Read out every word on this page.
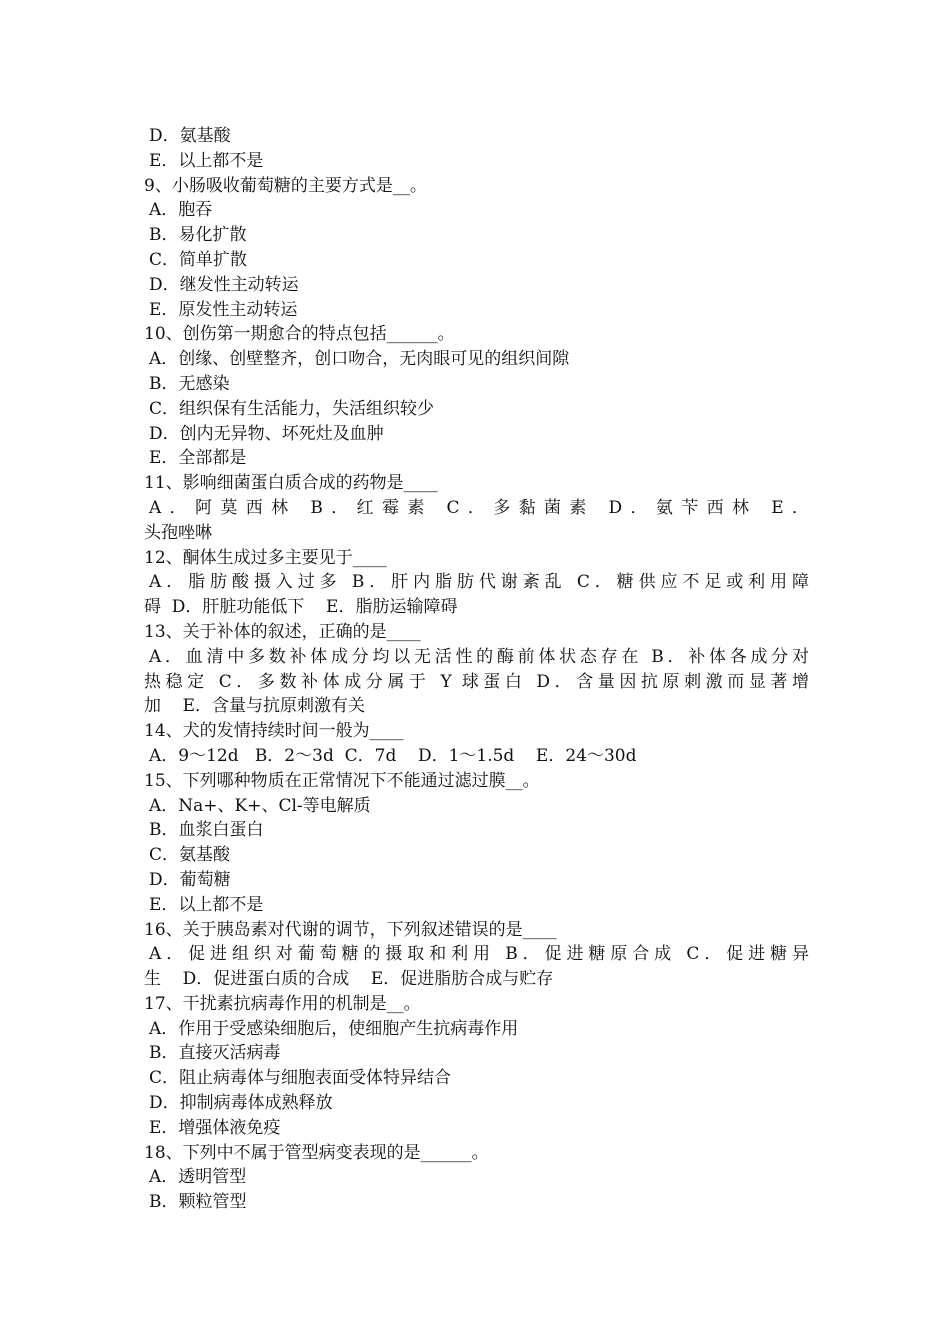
D．氨基酸
E．以上都不是
9、小肠吸收葡萄糖的主要方式是__。
A．胞吞
B．易化扩散
C．简单扩散
D．继发性主动转运
E．原发性主动转运
10、创伤第一期愈合的特点包括______。
A．创缘、创壁整齐，创口吻合，无肉眼可见的组织间隙
B．无感染
C．组织保有生活能力，失活组织较少
D．创内无异物、坏死灶及血肿
E．全部都是
11、影响细菌蛋白质合成的药物是____
A．阿莫西林 B．红霉素 C．多黏菌素 D．氨苄西林 E．
头孢唑啉
12、酮体生成过多主要见于____
A．脂肪酸摄入过多 B．肝内脂肪代谢紊乱 C．糖供应不足或利用障
碍  D．肝脏功能低下    E．脂肪运输障碍
13、关于补体的叙述，正确的是____
A．血清中多数补体成分均以无活性的酶前体状态存在 B．补体各成分对
热稳定 C．多数补体成分属于 Y 球蛋白 D．含量因抗原刺激而显著增
加    E．含量与抗原刺激有关
14、犬的发情持续时间一般为____
A．9～12d   B．2～3d  C．7d    D．1～1.5d    E．24～30d
15、下列哪种物质在正常情况下不能通过滤过膜__。
A．Na+、K+、Cl-等电解质
B．血浆白蛋白
C．氨基酸
D．葡萄糖
E．以上都不是
16、关于胰岛素对代谢的调节，下列叙述错误的是____
A．促进组织对葡萄糖的摄取和利用 B．促进糖原合成 C．促进糖异
生    D．促进蛋白质的合成    E．促进脂肪合成与贮存
17、干扰素抗病毒作用的机制是__。
A．作用于受感染细胞后，使细胞产生抗病毒作用
B．直接灭活病毒
C．阻止病毒体与细胞表面受体特异结合
D．抑制病毒体成熟释放
E．增强体液免疫
18、下列中不属于管型病变表现的是______。
A．透明管型
B．颗粒管型
